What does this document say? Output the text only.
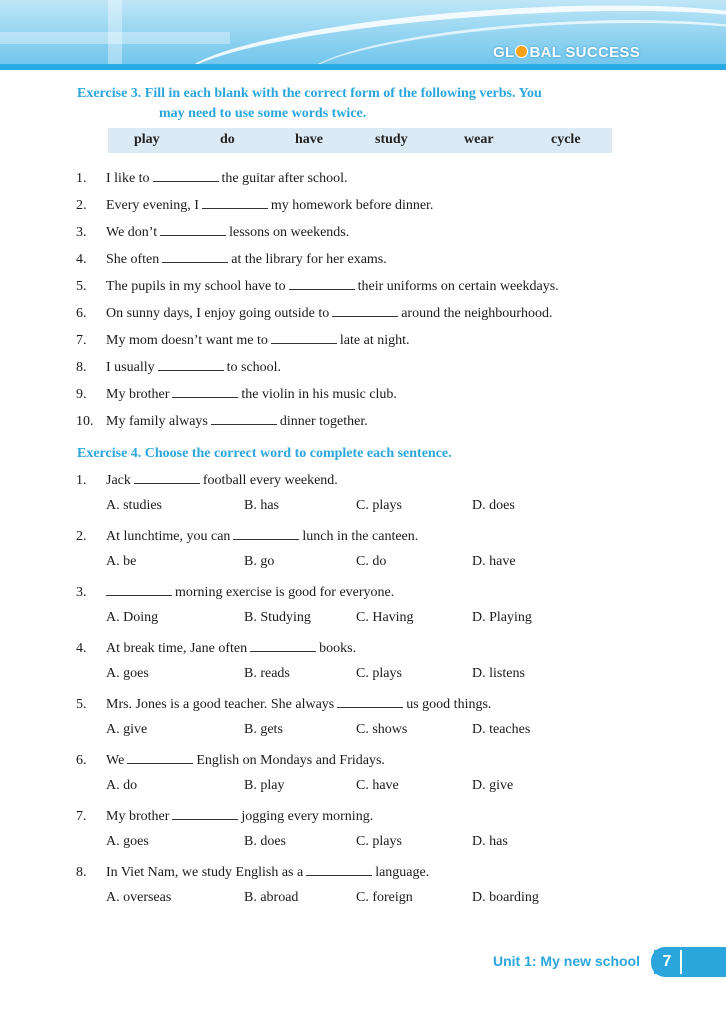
GL BAL SUCCESS
Exercise 3. Fill in each blank with the correct form of the following verbs. You
may need to use some words twice.
play	do	have	study	wear	cycle
1. I like to	the guitar after school.
2. Every evening, I	my homework before dinner.
3. We don’t	lessons on weekends.
4. She often	at the library for her exams.
5. The pupils in my school have to	their uniforms on certain weekdays.
6. On sunny days, I enjoy going outside to	around the neighbourhood.
7. My mom doesn’t want me to	late at night.
8. I usually	to school.
9. My brother	the violin in his music club.
10. My family always	dinner together.
Exercise 4. Choose the correct word to complete each sentence.
1. Jack	football every weekend.
A. studies	B. has	C. plays	D. does
2. At lunchtime, you can	lunch in the canteen.
A. be	B. go	C. do	D. have
3.	morning exercise is good for everyone.
A. Doing	B. Studying	C. Having	D. Playing
4. At break time, Jane often	books.
A. goes	B. reads	C. plays	D. listens
5. Mrs. Jones is a good teacher. She always	us good things.
A. give	B. gets	C. shows	D. teaches
6. We	English on Mondays and Fridays.
A. do	B. play	C. have	D. give
7. My brother	jogging every morning.
A. goes	B. does	C. plays	D. has
8. In Viet Nam, we study English as a	language.
A. overseas	B. abroad	C. foreign	D. boarding
Unit 1: My new school	7
